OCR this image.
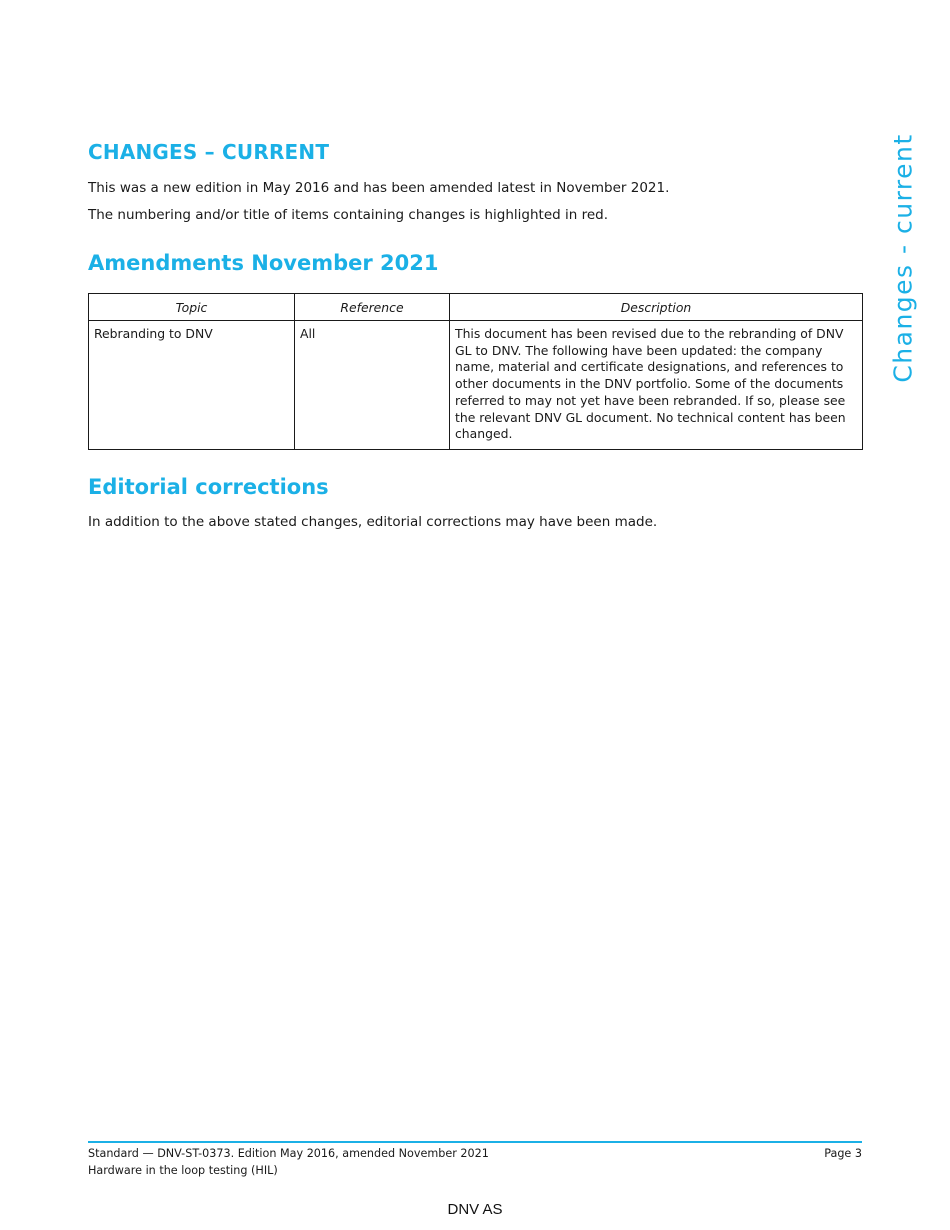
CHANGES – CURRENT

This was a new edition in May 2016 and has been amended latest in November 2021.

The numbering and/or title of items containing changes is highlighted in red.

Amendments November 2021
Topic	Reference	Description
Rebranding to DNV	All	This document has been revised due to the rebranding of DNV GL to DNV. The following have been updated: the company name, material and certificate designations, and references to other documents in the DNV portfolio. Some of the documents referred to may not yet have been rebranded. If so, please see the relevant DNV GL document. No technical content has been changed.
Editorial corrections

In addition to the above stated changes, editorial corrections may have been made.

Changes - current

Standard — DNV-ST-0373. Edition May 2016, amended November 2021

Hardware in the loop testing (HIL)

Page 3

DNV AS
